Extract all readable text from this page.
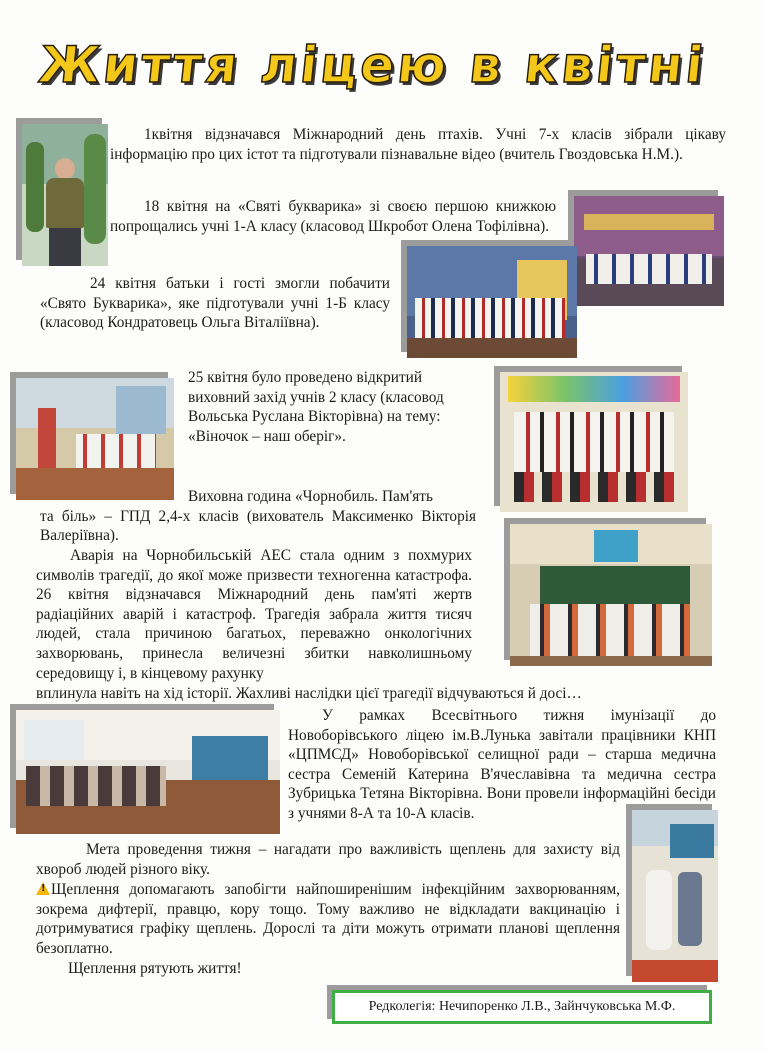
Життя ліцею в квітні

1квітня відзначався Міжнародний день птахів. Учні 7-х класів зібрали цікаву інформацію про цих істот та підготували пізнавальне відео (вчитель Гвоздовська Н.М.).

18 квітня на «Святі букварика» зі своєю першою книжкою попрощались учні 1-А класу (класовод Шкробот Олена Тофілівна).

24 квітня батьки і гості змогли побачити «Свято Букварика», яке підготували учні 1-Б класу (класовод Кондратовець Ольга Віталіївна).

25 квітня було проведено відкритий виховний захід учнів 2 класу (класовод Вольська Руслана Вікторівна) на тему: «Віночок – наш оберіг».

Виховна година «Чорнобиль. Пам'ять

та біль» – ГПД 2,4-х класів (вихователь Максименко Вікторія Валеріївна).

Аварія на Чорнобильській АЕС стала одним з похмурих символів трагедії, до якої може призвести техногенна катастрофа. 26 квітня відзначався Міжнародний день пам'яті жертв радіаційних аварій і катастроф. Трагедія забрала життя тисяч людей, стала причиною багатьох, переважно онкологічних захворювань, принесла величезні збитки навколишньому середовищу і, в кінцевому рахунку

вплинула навіть на хід історії. Жахливі наслідки цієї трагедії відчуваються й досі…

У рамках Всесвітнього тижня імунізації до Новоборівського ліцею ім.В.Лунька завітали працівники КНП «ЦПМСД» Новоборівської селищної ради – старша медична сестра Семеній Катерина В'ячеславівна та медична сестра Зубрицька Тетяна Вікторівна. Вони провели інформаційні бесіди з учнями 8-А та 10-А класів.

Мета проведення тижня – нагадати про важливість щеплень для захисту від хвороб людей різного віку.

!Щеплення допомагають запобігти найпоширенішим інфекційним захворюванням, зокрема дифтерії, правцю, кору тощо. Тому важливо не відкладати вакцинацію і дотримуватися графіку щеплень. Дорослі та діти можуть отримати планові щеплення безоплатно.

Щеплення рятують життя!

Редколегія: Нечипоренко Л.В., Зайнчуковська М.Ф.
